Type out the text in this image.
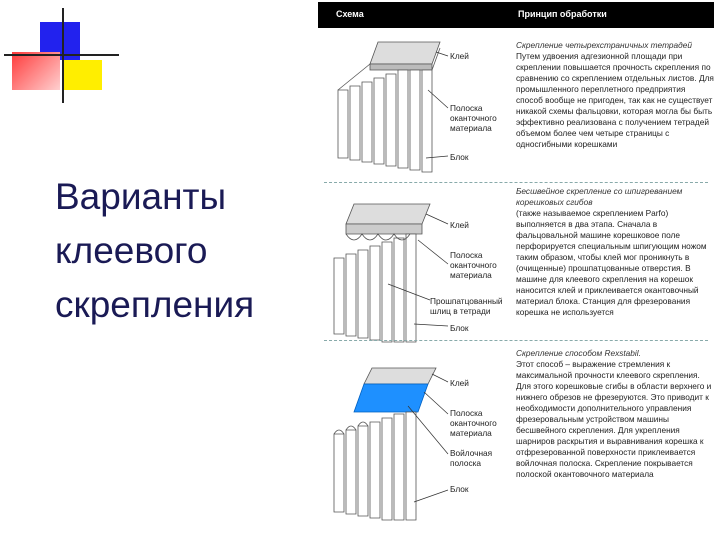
Варианты
клеевого
скрепления
Схема	Принцип обработки
Клей
Полоска
оканточного
материала
Блок

Скрепление четырехстраничных тетрадей

Путем удвоения адгезионной площади при скреплении повышается прочность скрепления по сравнению со скреплением отдельных листов. Для промышленного переплетного предприятия способ вообще не пригоден, так как не существует никакой схемы фальцовки, которая могла бы быть эффективно реализована с получением тетрадей объемом более чем четыре страницы с односгибными корешками

Клей
Полоска
оканточного
материала
Прошпатцованный
шлиц в тетради
Блок

Бесшвейное скрепление со шпигреванием корешковых сгибов

(также называемое скреплением Parfo) выполняется в два этапа. Сначала в фальцовальной машине корешковое поле перфорируется специальным шпигующим ножом таким образом, чтобы клей мог проникнуть в (очищенные) прошпатцованные отверстия. В машине для клеевого скрепления на корешок наносится клей и приклеивается окантовочный материал блока. Станция для фрезерования корешка не используется

Клей
Полоска
оканточного
материала
Войлочная
полоска
Блок

Скрепление способом Rexstabil.

Этот способ – выражение стремления к максимальной прочности клеевого скрепления. Для этого корешковые сгибы в области верхнего и нижнего обрезов не фрезеруются. Это приводит к необходимости дополнительного управления фрезеровальным устройством машины бесшвейного скрепления. Для укрепления шарниров раскрытия и выравнивания корешка к отфрезерованной поверхности приклеивается войлочная полоска. Скрепление покрывается полоской окантовочного материала
